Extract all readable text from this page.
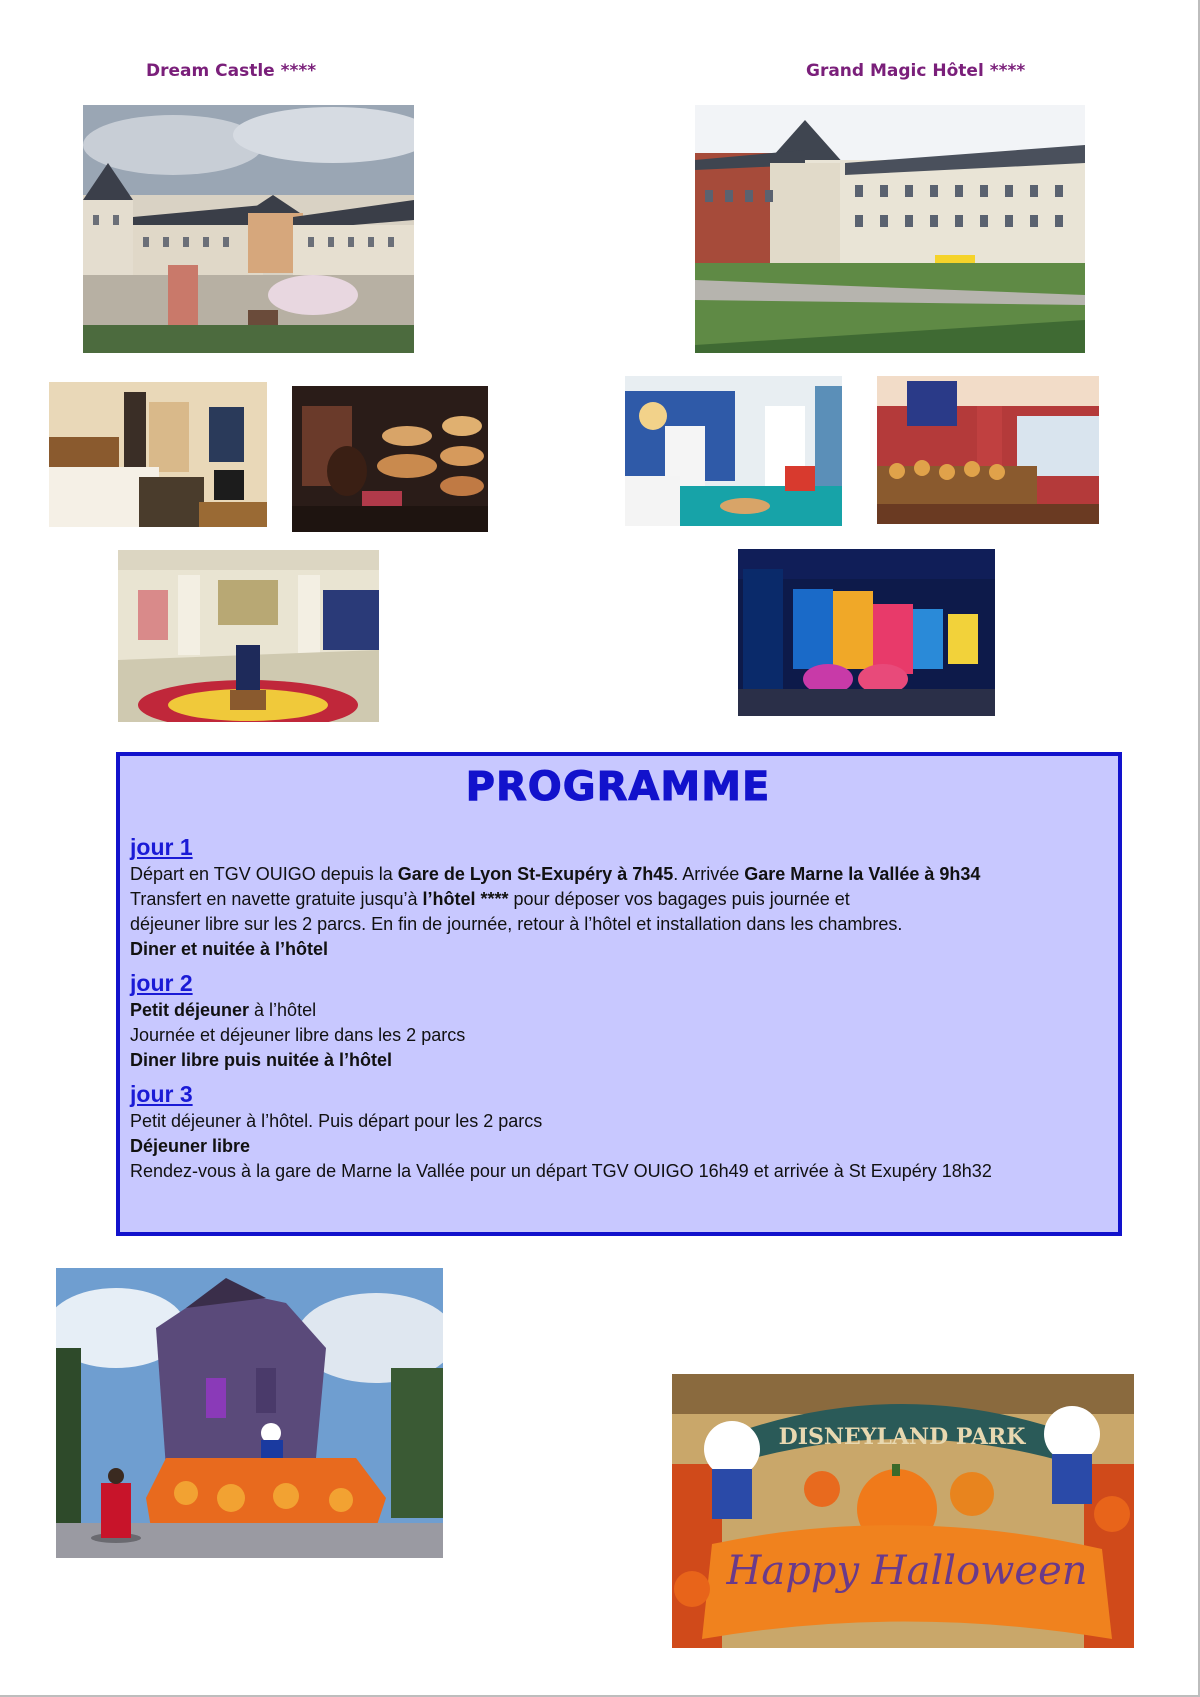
Dream Castle ****	Grand Magic Hôtel ****
PROGRAMME
jour 1
Départ en TGV OUIGO depuis la Gare de Lyon St-Exupéry à 7h45. Arrivée Gare Marne la Vallée à 9h34
Transfert en navette gratuite jusqu’à l’hôtel **** pour déposer vos bagages puis journée et
déjeuner libre sur les 2 parcs. En fin de journée, retour à l’hôtel et installation dans les chambres.
Diner et nuitée à l’hôtel
jour 2
Petit déjeuner à l’hôtel
Journée et déjeuner libre dans les 2 parcs
Diner libre puis nuitée à l’hôtel
jour 3
Petit déjeuner à l’hôtel. Puis départ pour les 2 parcs
Déjeuner libre
Rendez-vous à la gare de Marne la Vallée pour un départ TGV OUIGO 16h49 et arrivée à St Exupéry 18h32
DISNEYLAND PARK
Happy Halloween
